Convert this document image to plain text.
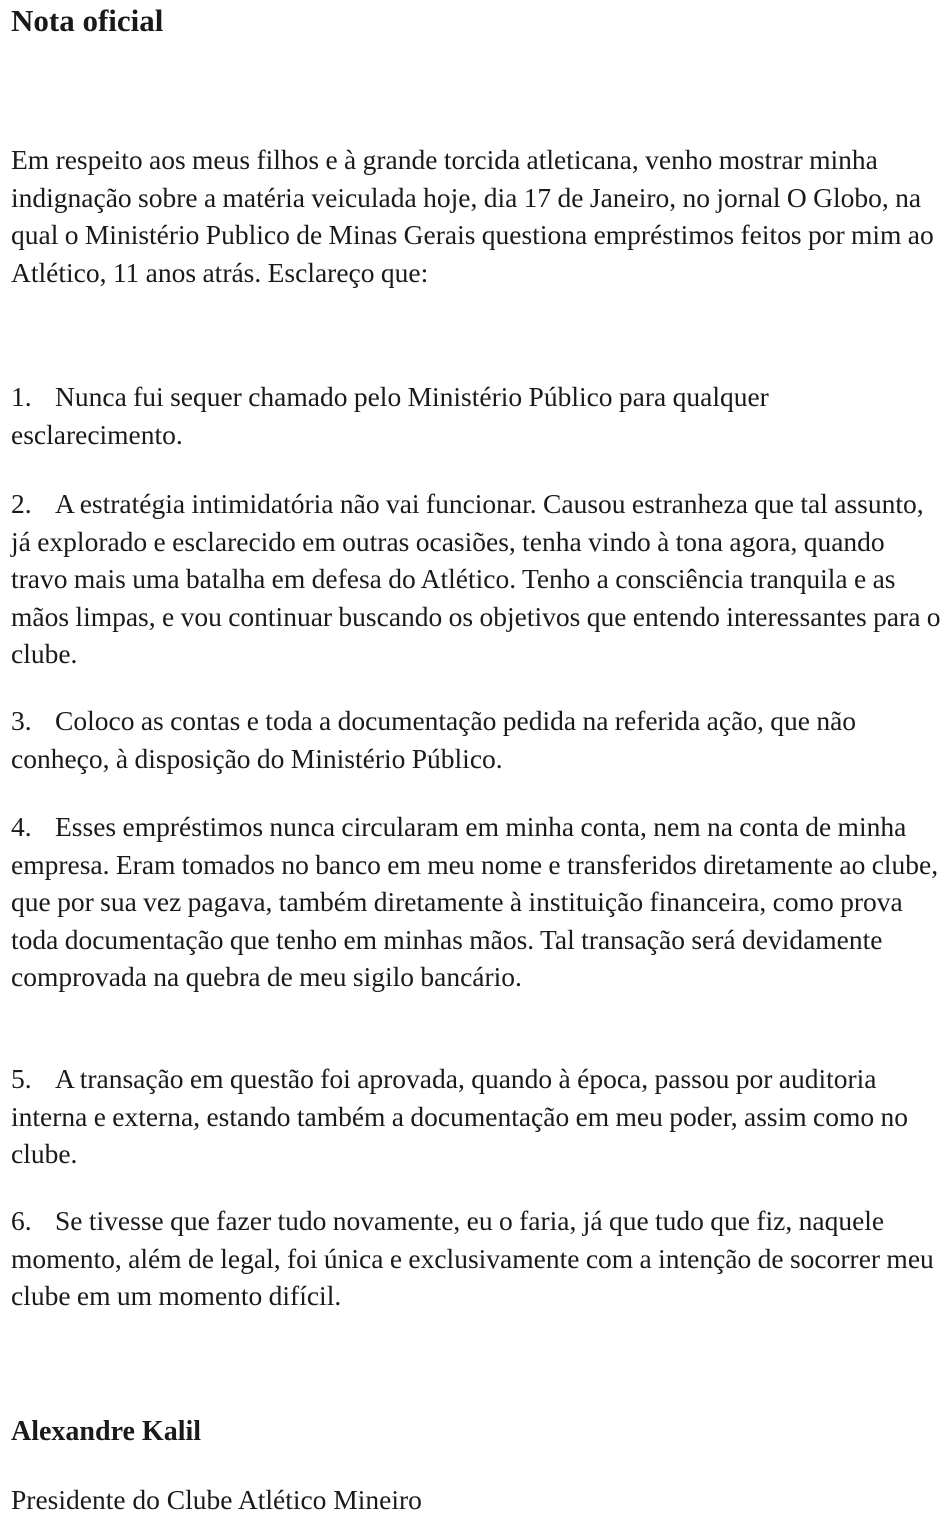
Nota oficial

Em respeito aos meus filhos e à grande torcida atleticana, venho mostrar minha indignação sobre a matéria veiculada hoje, dia 17 de Janeiro, no jornal O Globo, na qual o Ministério Publico de Minas Gerais questiona empréstimos feitos por mim ao Atlético, 11 anos atrás. Esclareço que:

1. Nunca fui sequer chamado pelo Ministério Público para qualquer esclarecimento.

2. A estratégia intimidatória não vai funcionar. Causou estranheza que tal assunto, já explorado e esclarecido em outras ocasiões, tenha vindo à tona agora, quando travo mais uma batalha em defesa do Atlético. Tenho a consciência tranquila e as mãos limpas, e vou continuar buscando os objetivos que entendo interessantes para o clube.

3. Coloco as contas e toda a documentação pedida na referida ação, que não conheço, à disposição do Ministério Público.

4. Esses empréstimos nunca circularam em minha conta, nem na conta de minha empresa. Eram tomados no banco em meu nome e transferidos diretamente ao clube, que por sua vez pagava, também diretamente à instituição financeira, como prova toda documentação que tenho em minhas mãos. Tal transação será devidamente comprovada na quebra de meu sigilo bancário.

5. A transação em questão foi aprovada, quando à época, passou por auditoria interna e externa, estando também a documentação em meu poder, assim como no clube.

6. Se tivesse que fazer tudo novamente, eu o faria, já que tudo que fiz, naquele momento, além de legal, foi única e exclusivamente com a intenção de socorrer meu clube em um momento difícil.

Alexandre Kalil

Presidente do Clube Atlético Mineiro
